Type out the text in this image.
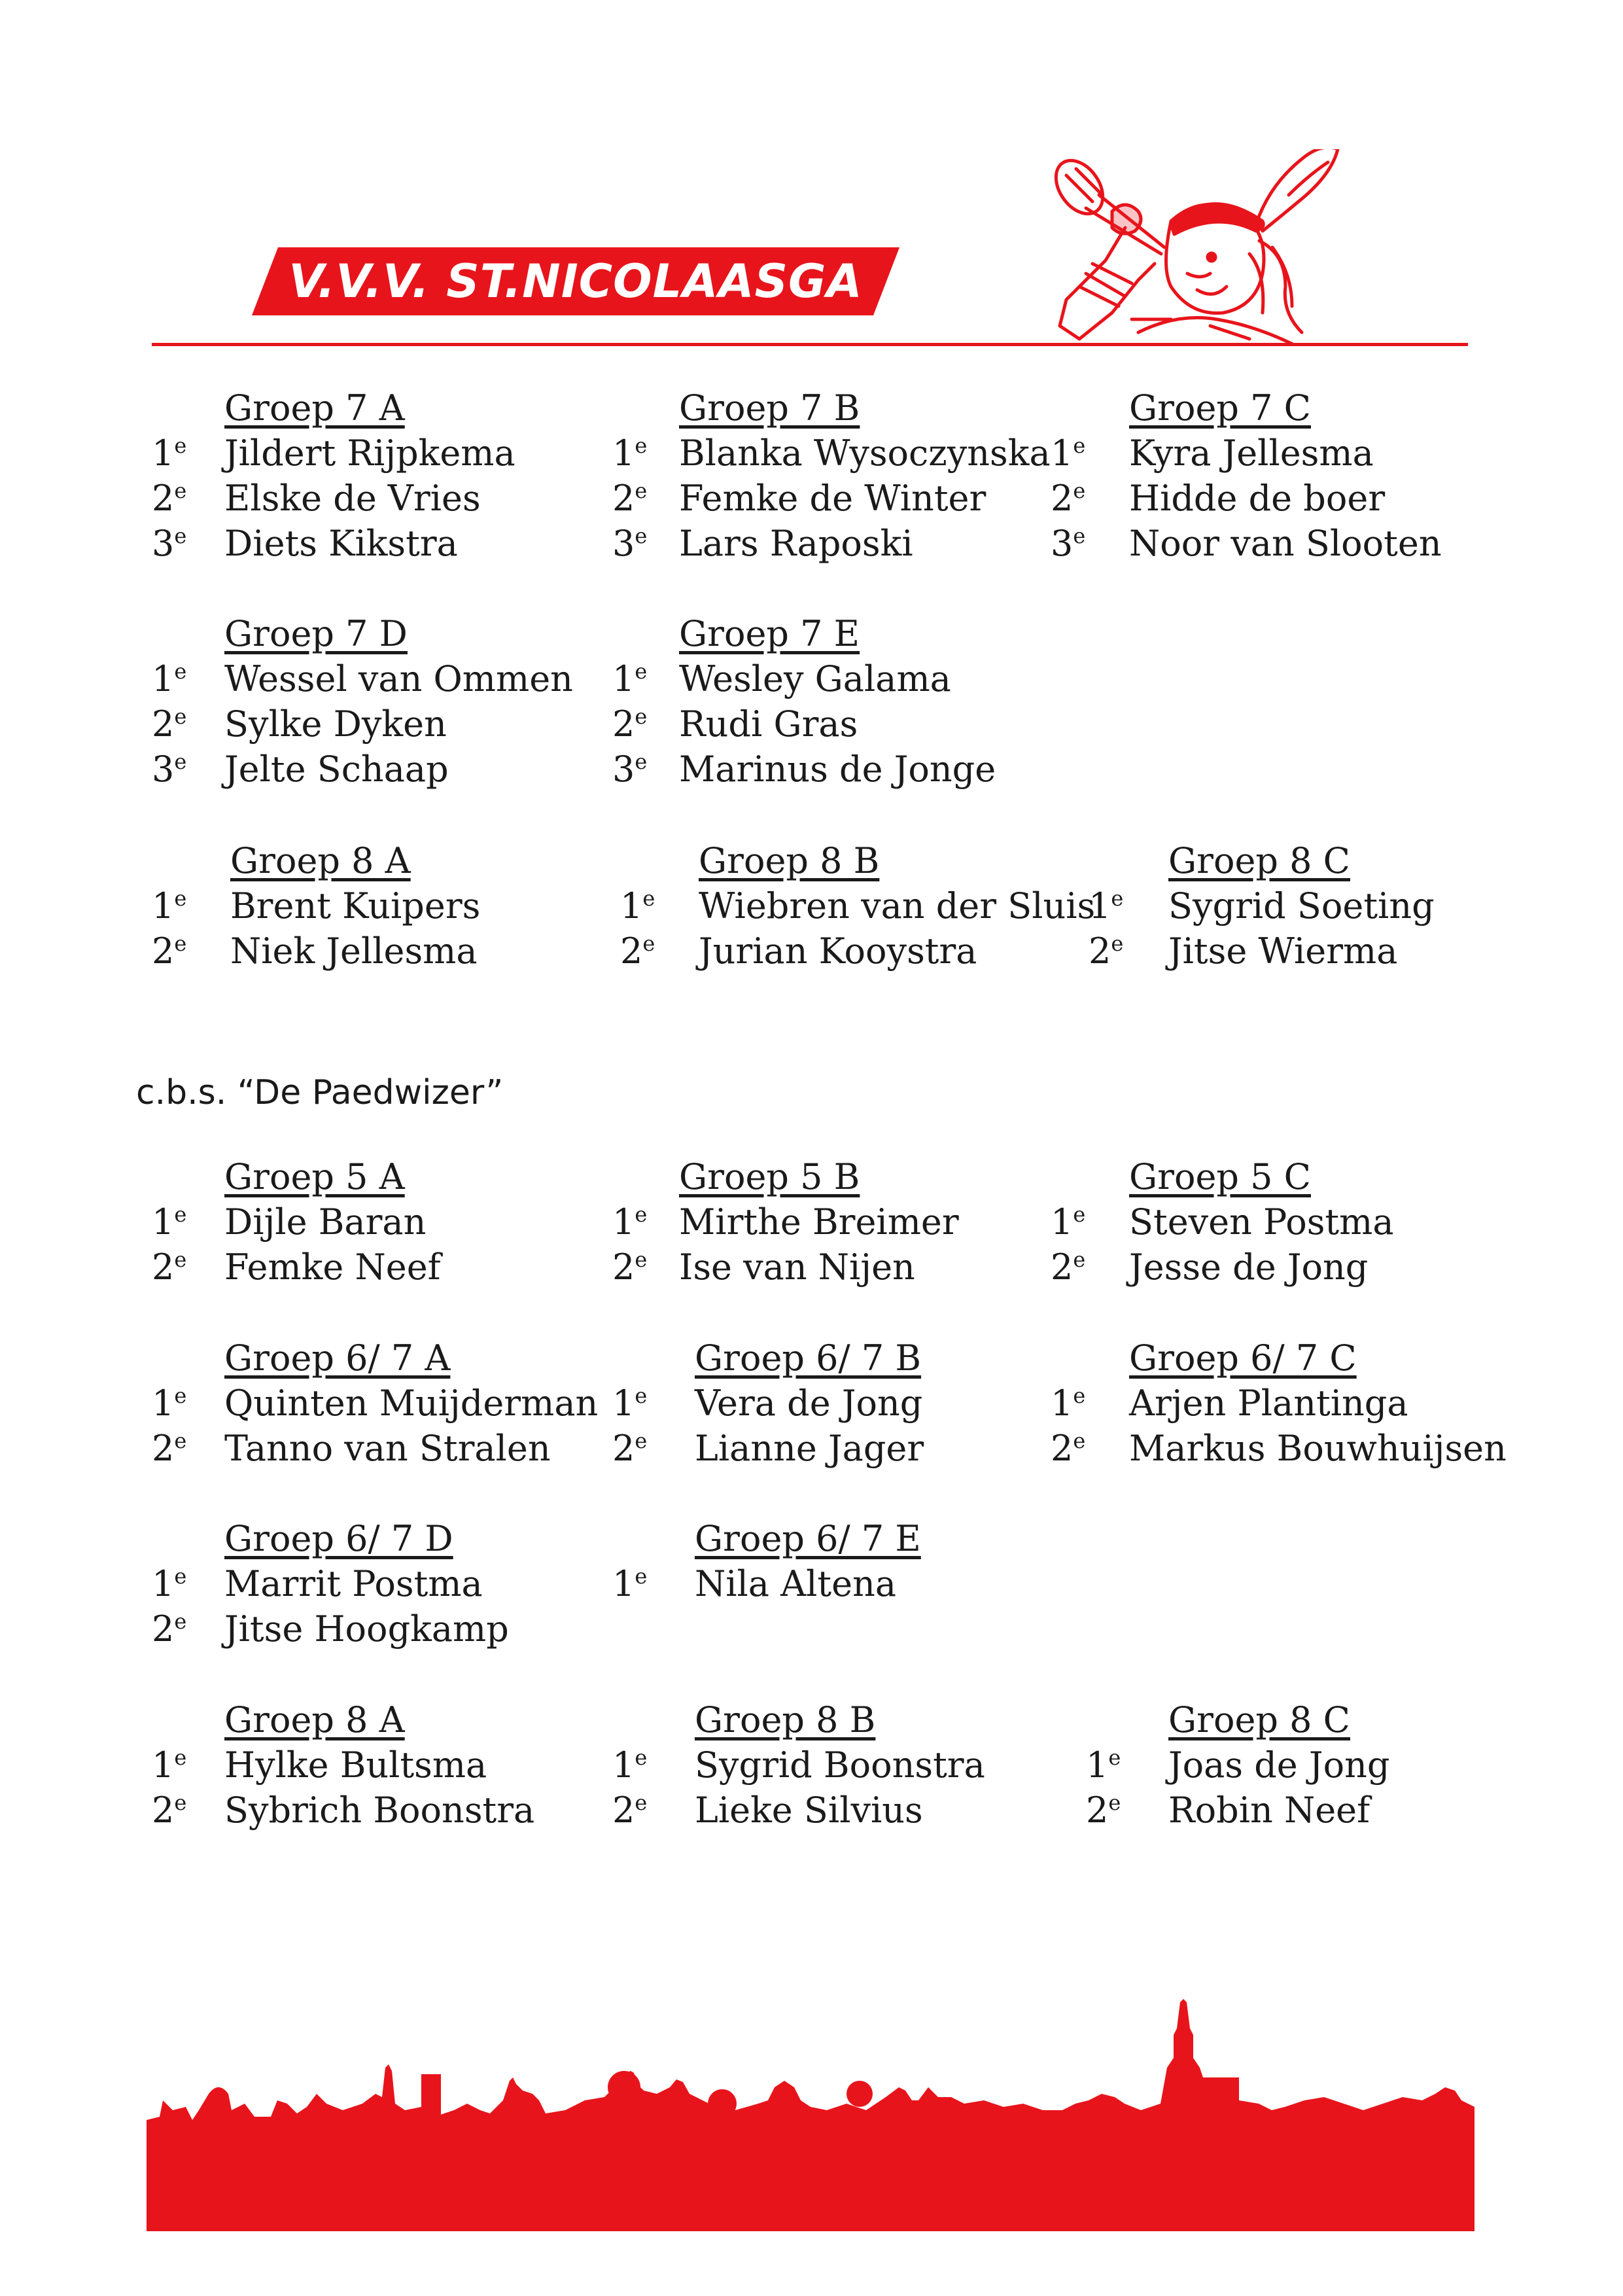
V.V.V. ST.NICOLAASGA
Groep 7 A
1e Jildert Rijpkema
2e Elske de Vries
3e Diets Kikstra
Groep 7 B
1e Blanka Wysoczynska
2e Femke de Winter
3e Lars Raposki
Groep 7 C
1e Kyra Jellesma
2e Hidde de boer
3e Noor van Slooten
Groep 7 D
1e Wessel van Ommen
2e Sylke Dyken
3e Jelte Schaap
Groep 7 E
1e Wesley Galama
2e Rudi Gras
3e Marinus de Jonge
Groep 8 A
1e Brent Kuipers
2e Niek Jellesma
Groep 8 B
1e Wiebren van der Sluis
2e Jurian Kooystra
Groep 8 C
1e Sygrid Soeting
2e Jitse Wierma
c.b.s. “De Paedwizer”
Groep 5 A
1e Dijle Baran
2e Femke Neef
Groep 5 B
1e Mirthe Breimer
2e Ise van Nijen
Groep 5 C
1e Steven Postma
2e Jesse de Jong
Groep 6/ 7 A
1e Quinten Muijderman
2e Tanno van Stralen
Groep 6/ 7 B
1e Vera de Jong
2e Lianne Jager
Groep 6/ 7 C
1e Arjen Plantinga
2e Markus Bouwhuijsen
Groep 6/ 7 D
1e Marrit Postma
2e Jitse Hoogkamp
Groep 6/ 7 E
1e Nila Altena
Groep 8 A
1e Hylke Bultsma
2e Sybrich Boonstra
Groep 8 B
1e Sygrid Boonstra
2e Lieke Silvius
Groep 8 C
1e Joas de Jong
2e Robin Neef
